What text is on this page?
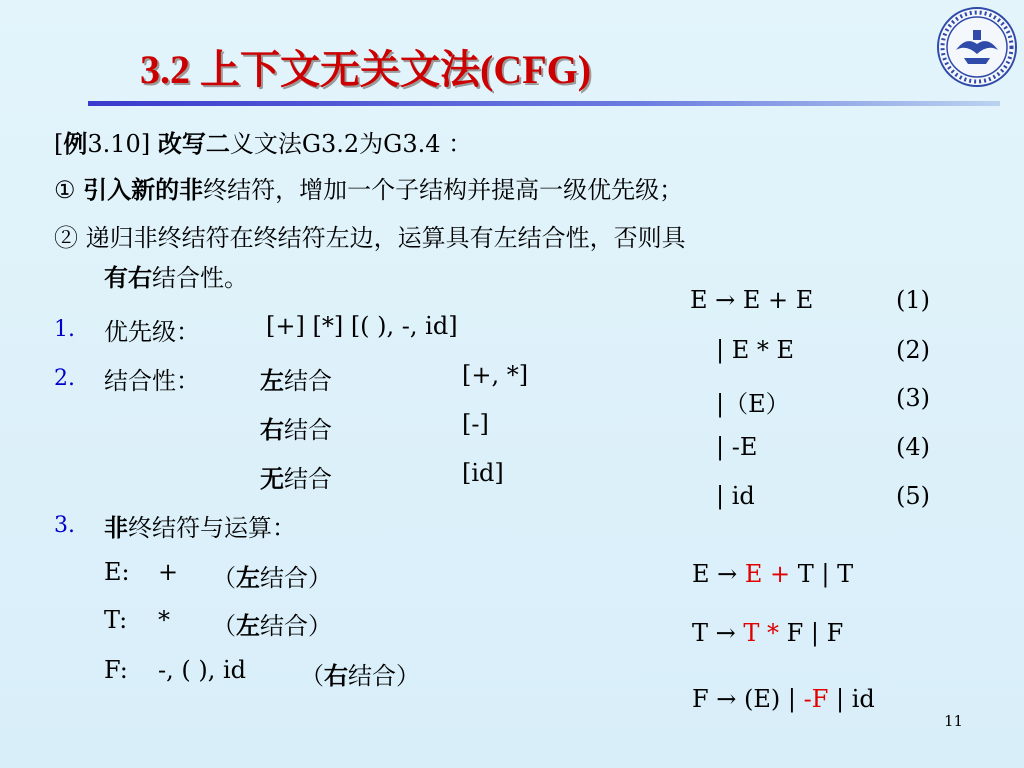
3.2 上下文无关文法(CFG)
[例3.10] 改写二义文法G3.2为G3.4 ：
① 引入新的非终结符，增加一个子结构并提高一级优先级；
② 递归非终结符在终结符左边，运算具有左结合性，否则具
有右结合性。
1. 优先级：	[+] [*] [( ), -, id]
2. 结合性：	左结合	[+, *]
右结合	[-]
无结合	[id]
3. 非终结符与运算：
E: + （左结合）
T: * （左结合）
F: -, ( ), id （右结合）
E → E + E	(1)
| E * E	(2)
|（E）	(3)
| -E	(4)
| id	(5)
E → E + T | T
T → T * F | F
F → (E) | -F | id
11
